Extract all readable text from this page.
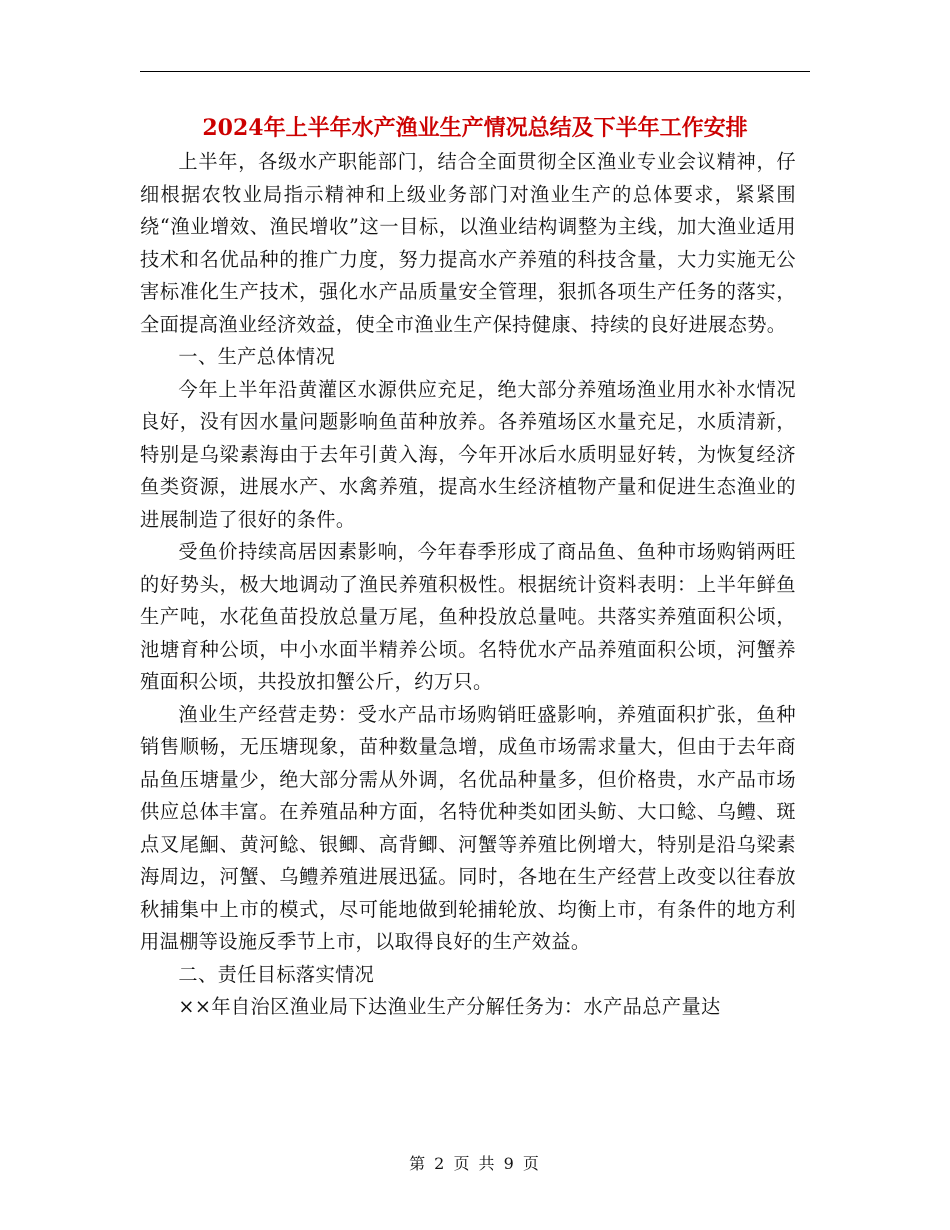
2024年上半年水产渔业生产情况总结及下半年工作安排

上半年，各级水产职能部门，结合全面贯彻全区渔业专业会议精神，仔细根据农牧业局指示精神和上级业务部门对渔业生产的总体要求，紧紧围绕“渔业增效、渔民增收”这一目标，以渔业结构调整为主线，加大渔业适用技术和名优品种的推广力度，努力提高水产养殖的科技含量，大力实施无公害标准化生产技术，强化水产品质量安全管理，狠抓各项生产任务的落实，全面提高渔业经济效益，使全市渔业生产保持健康、持续的良好进展态势。

一、生产总体情况

今年上半年沿黄灌区水源供应充足，绝大部分养殖场渔业用水补水情况良好，没有因水量问题影响鱼苗种放养。各养殖场区水量充足，水质清新，特别是乌梁素海由于去年引黄入海，今年开冰后水质明显好转，为恢复经济鱼类资源，进展水产、水禽养殖，提高水生经济植物产量和促进生态渔业的进展制造了很好的条件。

受鱼价持续高居因素影响，今年春季形成了商品鱼、鱼种市场购销两旺的好势头，极大地调动了渔民养殖积极性。根据统计资料表明：上半年鲜鱼生产吨，水花鱼苗投放总量万尾，鱼种投放总量吨。共落实养殖面积公顷，池塘育种公顷，中小水面半精养公顷。名特优水产品养殖面积公顷，河蟹养殖面积公顷，共投放扣蟹公斤，约万只。

渔业生产经营走势：受水产品市场购销旺盛影响，养殖面积扩张，鱼种销售顺畅，无压塘现象，苗种数量急增，成鱼市场需求量大，但由于去年商品鱼压塘量少，绝大部分需从外调，名优品种量多，但价格贵，水产品市场供应总体丰富。在养殖品种方面，名特优种类如团头鲂、大口鲶、乌鳢、斑点叉尾鮰、黄河鲶、银鲫、高背鲫、河蟹等养殖比例增大，特别是沿乌梁素海周边，河蟹、乌鳢养殖进展迅猛。同时，各地在生产经营上改变以往春放秋捕集中上市的模式，尽可能地做到轮捕轮放、均衡上市，有条件的地方利用温棚等设施反季节上市，以取得良好的生产效益。

二、责任目标落实情况

××年自治区渔业局下达渔业生产分解任务为：水产品总产量达

第 2 页 共 9 页
